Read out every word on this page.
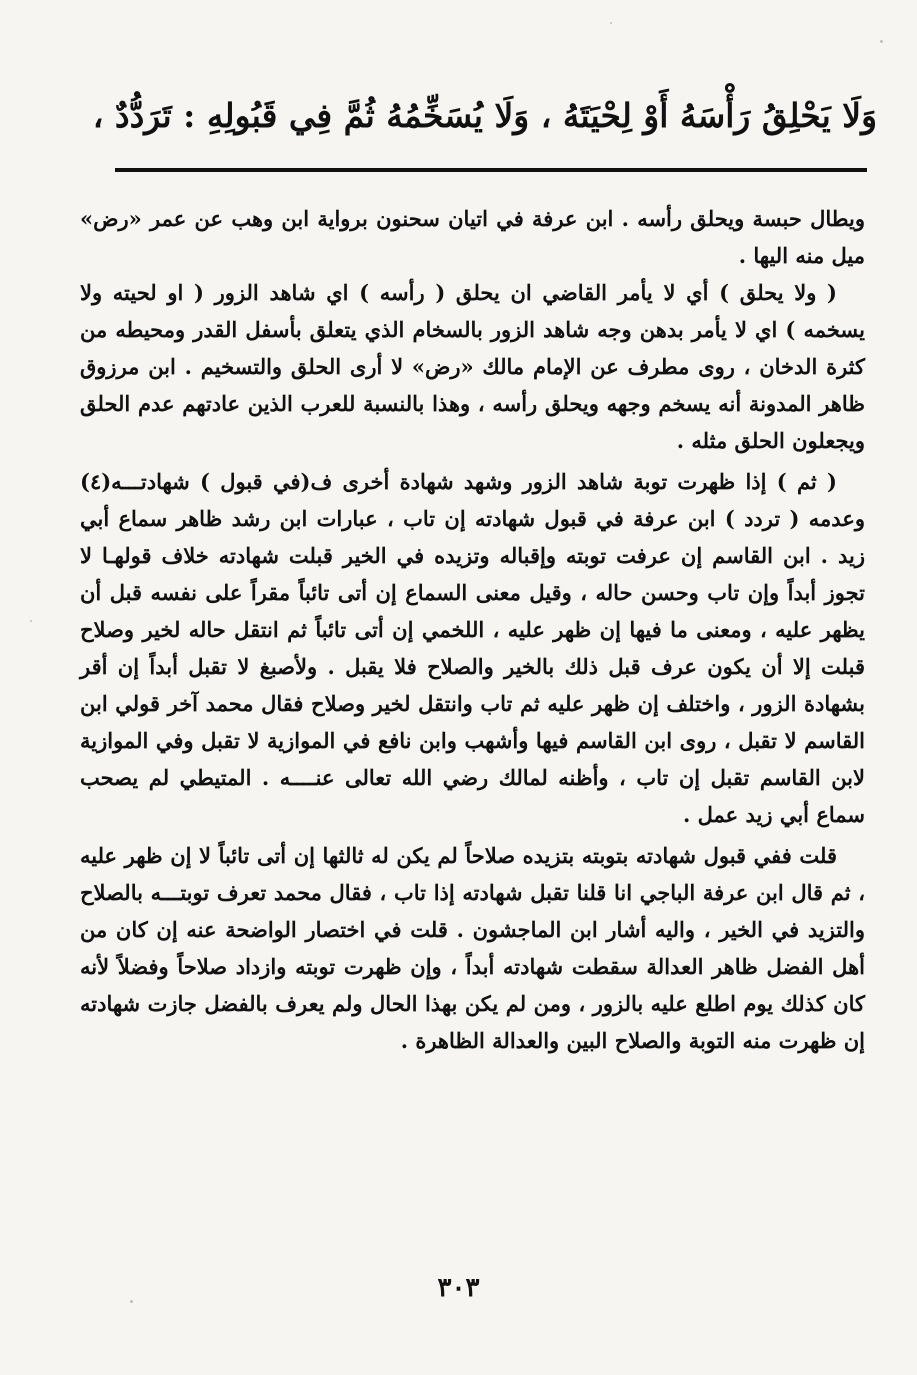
وَلَا يَحْلِقُ رَأْسَهُ أَوْ لِحْيَتَهُ ، وَلَا يُسَخِّمُهُ ثُمَّ فِي قَبُولِهِ : تَرَدُّدٌ ،

ويطال حبسة ويحلق رأسه . ابن عرفة في اتيان سحنون برواية ابن وهب عن عمر «رض» ميل منه اليها .

( ولا يحلق ) أي لا يأمر القاضي ان يحلق ( رأسه ) اي شاهد الزور ( او لحيته ولا يسخمه ) اي لا يأمر بدهن وجه شاهد الزور بالسخام الذي يتعلق بأسفل القدر ومحيطه من كثرة الدخان ، روى مطرف عن الإمام مالك «رض» لا أرى الحلق والتسخيم . ابن مرزوق ظاهر المدونة أنه يسخم وجهه ويحلق رأسه ، وهذا بالنسبة للعرب الذين عادتهم عدم الحلق ويجعلون الحلق مثله .

( ثم ) إذا ظهرت توبة شاهد الزور وشهد شهادة أخرى ف(في قبول ) شهادتـــه(٤) وعدمه ( تردد ) ابن عرفة في قبول شهادته إن تاب ، عبارات ابن رشد ظاهر سماع أبي زيد . ابن القاسم إن عرفت توبته وإقباله وتزيده في الخير قبلت شهادته خلاف قولهـا لا تجوز أبداً وإن تاب وحسن حاله ، وقيل معنى السماع إن أتى تائباً مقراً على نفسه قبل أن يظهر عليه ، ومعنى ما فيها إن ظهر عليه ، اللخمي إن أتى تائباً ثم انتقل حاله لخير وصلاح قبلت إلا أن يكون عرف قبل ذلك بالخير والصلاح فلا يقبل . ولأصبغ لا تقبل أبداً إن أقر بشهادة الزور ، واختلف إن ظهر عليه ثم تاب وانتقل لخير وصلاح فقال محمد آخر قولي ابن القاسم لا تقبل ، روى ابن القاسم فيها وأشهب وابن نافع في الموازية لا تقبل وفي الموازية لابن القاسم تقبل إن تاب ، وأظنه لمالك رضي الله تعالى عنــــه . المتيطي لم يصحب سماع أبي زيد عمل .

قلت ففي قبول شهادته بتوبته بتزيده صلاحاً لم يكن له ثالثها إن أتى تائباً لا إن ظهر عليه ، ثم قال ابن عرفة الباجي انا قلنا تقبل شهادته إذا تاب ، فقال محمد تعرف توبتـــه بالصلاح والتزيد في الخير ، واليه أشار ابن الماجشون . قلت في اختصار الواضحة عنه إن كان من أهل الفضل ظاهر العدالة سقطت شهادته أبداً ، وإن ظهرت توبته وازداد صلاحاً وفضلاً لأنه كان كذلك يوم اطلع عليه بالزور ، ومن لم يكن بهذا الحال ولم يعرف بالفضل جازت شهادته إن ظهرت منه التوبة والصلاح البين والعدالة الظاهرة .

٣٠٣
